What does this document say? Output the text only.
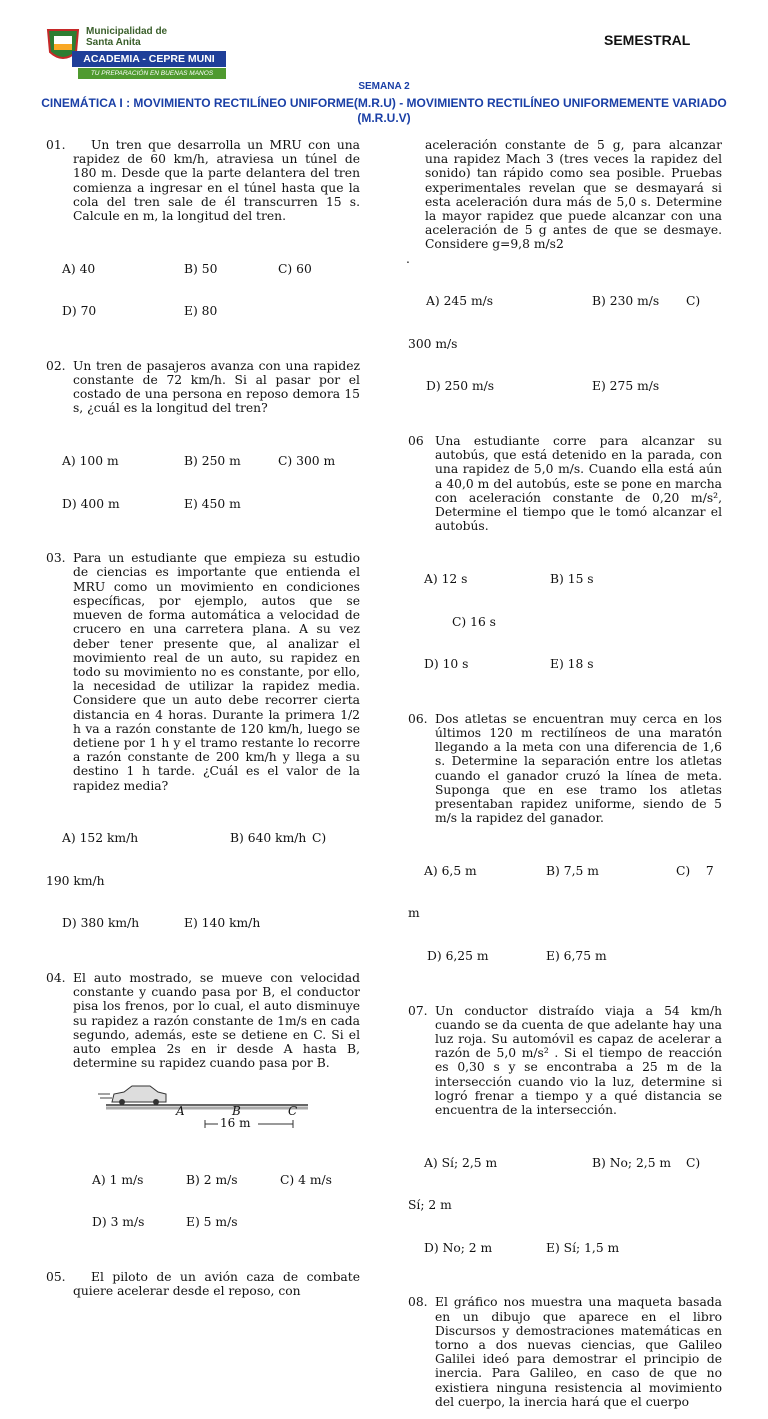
Municipalidad de
Santa Anita
ACADEMIA - CEPRE MUNI
TU PREPARACIÓN EN BUENAS MANOS
SEMESTRAL
SEMANA 2
CINEMÁTICA I : MOVIMIENTO RECTILÍNEO UNIFORME(M.R.U) - MOVIMIENTO RECTILÍNEO UNIFORMEMENTE VARIADO (M.R.U.V)
01. Un tren que desarrolla un MRU con una rapidez de 60 km/h, atraviesa un túnel de 180 m. Desde que la parte delantera del tren comienza a ingresar en el túnel hasta que la cola del tren sale de él transcurren 15 s. Calcule en m, la longitud del tren.

A) 40	B) 50	C) 60

D) 70	E) 80

02. Un tren de pasajeros avanza con una rapidez constante de 72 km/h. Si al pasar por el costado de una persona en reposo demora 15 s, ¿cuál es la longitud del tren?

A) 100 m	B) 250 m	C) 300 m

D) 400 m	E) 450 m

03. Para un estudiante que empieza su estudio de ciencias es importante que entienda el MRU como un movimiento en condiciones específicas, por ejemplo, autos que se mueven de forma automática a velocidad de crucero en una carretera plana. A su vez deber tener presente que, al analizar el movimiento real de un auto, su rapidez en todo su movimiento no es constante, por ello, la necesidad de utilizar la rapidez media. Considere que un auto debe recorrer cierta distancia en 4 horas. Durante la primera 1/2 h va a razón constante de 120 km/h, luego se detiene por 1 h y el tramo restante lo recorre a razón constante de 200 km/h y llega a su destino 1 h tarde. ¿Cuál es el valor de la rapidez media?

A) 152 km/h	B) 640 km/h C)

190 km/h

D) 380 km/h	E) 140 km/h

04. El auto mostrado, se mueve con velocidad constante y cuando pasa por B, el conductor pisa los frenos, por lo cual, el auto disminuye su rapidez a razón constante de 1m/s en cada segundo, además, este se detiene en C. Si el auto emplea 2s en ir desde A hasta B, determine su rapidez cuando pasa por B.
A	B	C
16 m

A) 1 m/s	B) 2 m/s	C) 4 m/s

D) 3 m/s	E) 5 m/s

05. El piloto de un avión caza de combate quiere acelerar desde el reposo, con
aceleración constante de 5 g, para alcanzar una rapidez Mach 3 (tres veces la rapidez del sonido) tan rápido como sea posible. Pruebas experimentales revelan que se desmayará si esta aceleración dura más de 5,0 s. Determine la mayor rapidez que puede alcanzar con una aceleración de 5 g antes de que se desmaye. Considere g=9,8 m/s2
.

A) 245 m/s	B) 230 m/s	C)

300 m/s

D) 250 m/s	E) 275 m/s

06 Una estudiante corre para alcanzar su autobús, que está detenido en la parada, con una rapidez de 5,0 m/s. Cuando ella está aún a 40,0 m del autobús, este se pone en marcha con aceleración constante de 0,20 m/s², Determine el tiempo que le tomó alcanzar el autobús.

A) 12 s	B) 15 s

C) 16 s

D) 10 s	E) 18 s

06. Dos atletas se encuentran muy cerca en los últimos 120 m rectilíneos de una maratón llegando a la meta con una diferencia de 1,6 s. Determine la separación entre los atletas cuando el ganador cruzó la línea de meta. Suponga que en ese tramo los atletas presentaban rapidez uniforme, siendo de 5 m/s la rapidez del ganador.

A) 6,5 m	B) 7,5 m	C)    7

m

D) 6,25 m	E) 6,75 m

07. Un conductor distraído viaja a 54 km/h cuando se da cuenta de que adelante hay una luz roja. Su automóvil es capaz de acelerar a razón de 5,0 m/s² . Si el tiempo de reacción es 0,30 s y se encontraba a 25 m de la intersección cuando vio la luz, determine si logró frenar a tiempo y a qué distancia se encuentra de la intersección.

A) Sí; 2,5 m	B) No; 2,5 m	C)

Sí; 2 m

D) No; 2 m	E) Sí; 1,5 m

08. El gráfico nos muestra una maqueta basada en un dibujo que aparece en el libro Discursos y demostraciones matemáticas en torno a dos nuevas ciencias, que Galileo Galilei ideó para demostrar el principio de inercia. Para Galileo, en caso de que no existiera ninguna resistencia al movimiento del cuerpo, la inercia hará que el cuerpo
